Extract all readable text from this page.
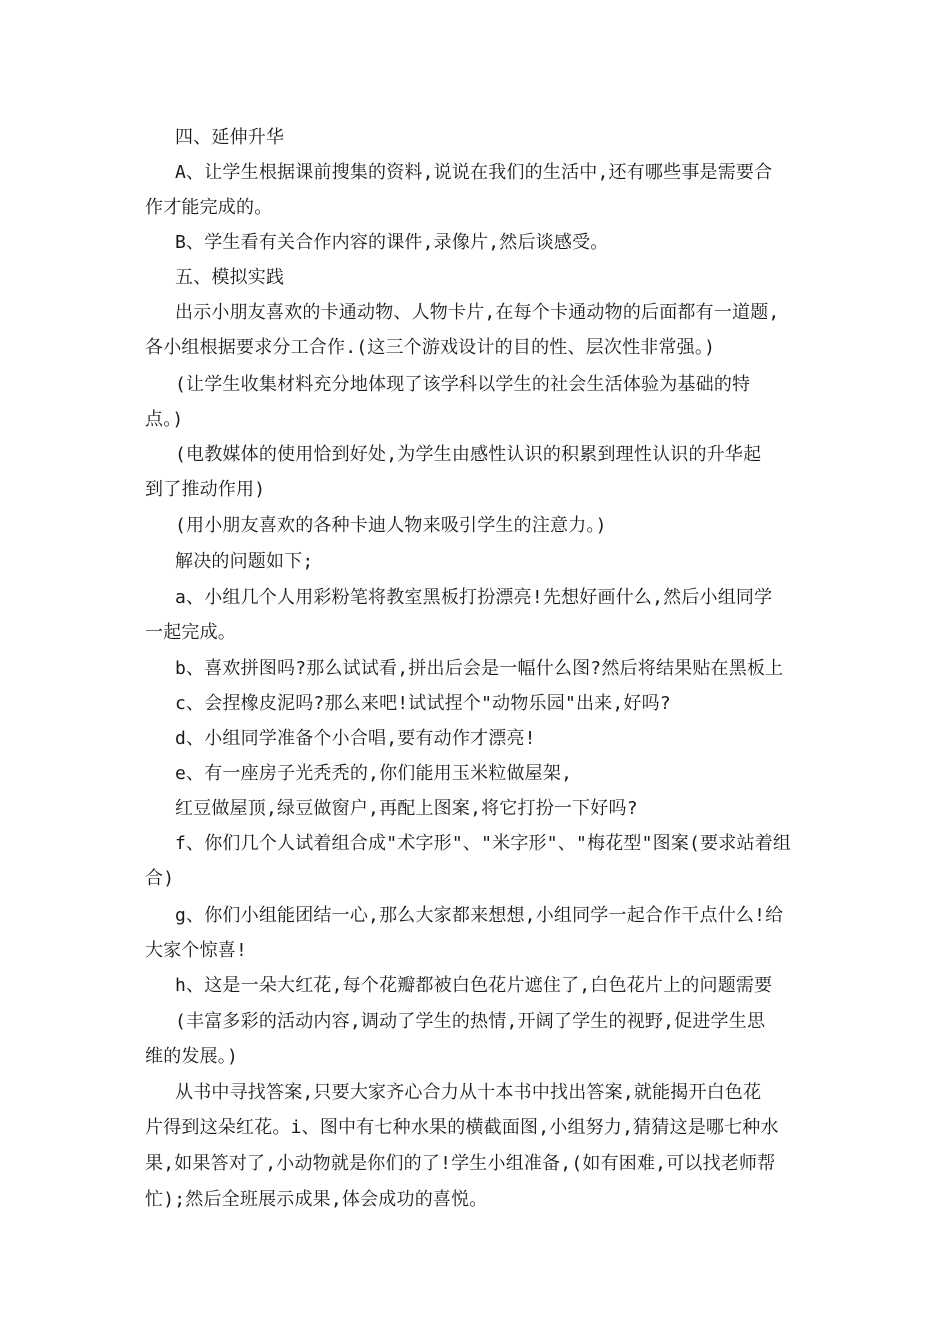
四、延伸升华
A、让学生根据课前搜集的资料,说说在我们的生活中,还有哪些事是需要合
作才能完成的。
B、学生看有关合作内容的课件,录像片,然后谈感受。
五、模拟实践
出示小朋友喜欢的卡通动物、人物卡片,在每个卡通动物的后面都有一道题,
各小组根据要求分工合作.(这三个游戏设计的目的性、层次性非常强。)
(让学生收集材料充分地体现了该学科以学生的社会生活体验为基础的特
点。)
(电教媒体的使用恰到好处,为学生由感性认识的积累到理性认识的升华起
到了推动作用)
(用小朋友喜欢的各种卡迪人物来吸引学生的注意力。)
解决的问题如下;
a、小组几个人用彩粉笔将教室黑板打扮漂亮!先想好画什么,然后小组同学
一起完成。
b、喜欢拼图吗?那么试试看,拼出后会是一幅什么图?然后将结果贴在黑板上
c、会捏橡皮泥吗?那么来吧!试试捏个"动物乐园"出来,好吗?
d、小组同学准备个小合唱,要有动作才漂亮!
e、有一座房子光秃秃的,你们能用玉米粒做屋架,
红豆做屋顶,绿豆做窗户,再配上图案,将它打扮一下好吗?
f、你们几个人试着组合成"术字形"、"米字形"、"梅花型"图案(要求站着组
合)
g、你们小组能团结一心,那么大家都来想想,小组同学一起合作干点什么!给
大家个惊喜!
h、这是一朵大红花,每个花瓣都被白色花片遮住了,白色花片上的问题需要
(丰富多彩的活动内容,调动了学生的热情,开阔了学生的视野,促进学生思
维的发展。)
从书中寻找答案,只要大家齐心合力从十本书中找出答案,就能揭开白色花
片得到这朵红花。i、图中有七种水果的横截面图,小组努力,猜猜这是哪七种水
果,如果答对了,小动物就是你们的了!学生小组准备,(如有困难,可以找老师帮
忙);然后全班展示成果,体会成功的喜悦。
